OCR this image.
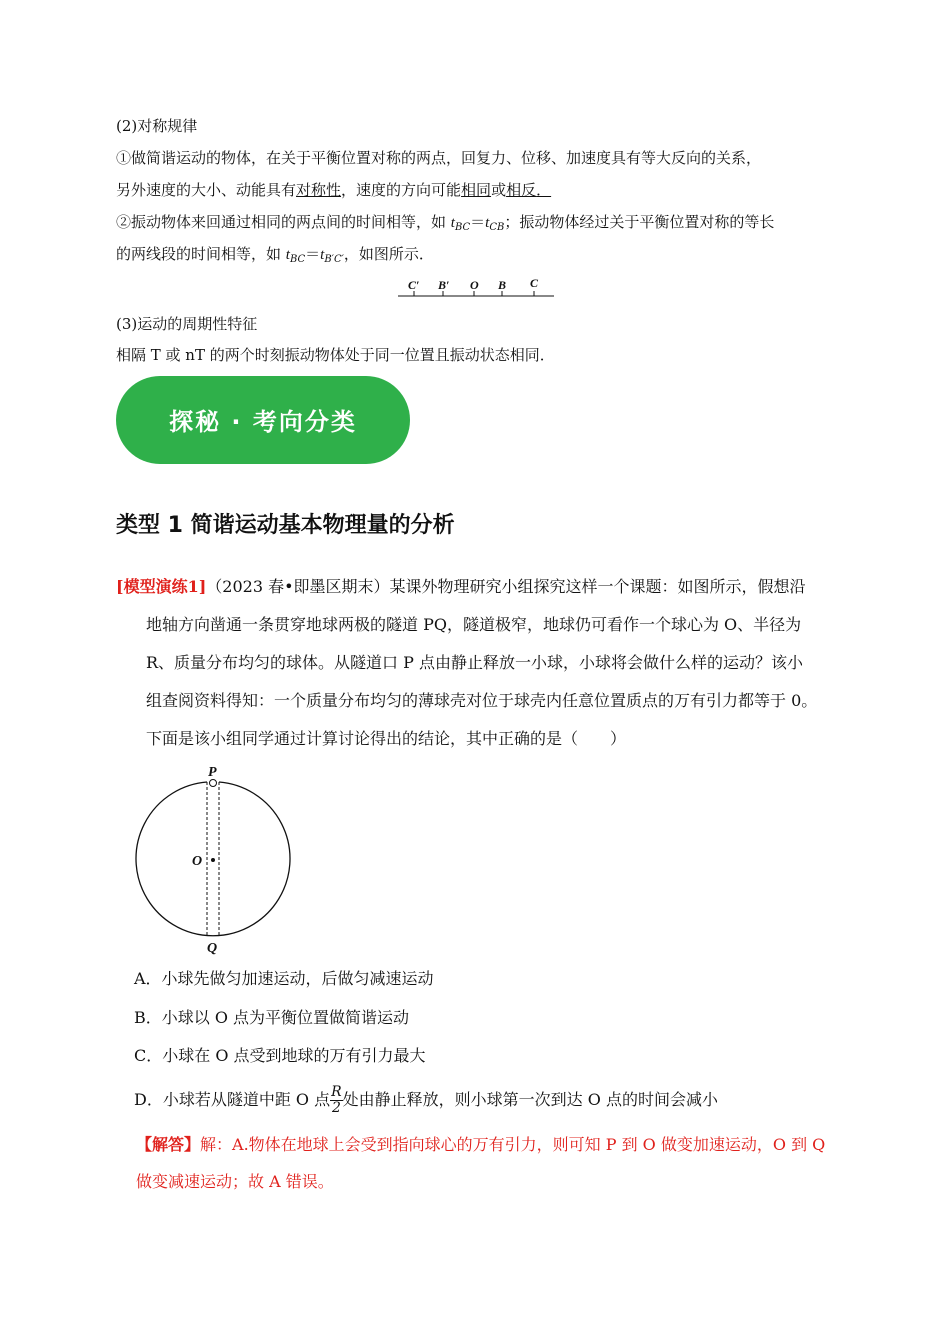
(2)对称规律
①做简谐运动的物体，在关于平衡位置对称的两点，回复力、位移、加速度具有等大反向的关系，
另外速度的大小、动能具有对称性，速度的方向可能相同或相反．
②振动物体来回通过相同的两点间的时间相等，如 $t_{BC}=t_{CB}$；振动物体经过关于平衡位置对称的等长
的两线段的时间相等，如 $t_{BC}=t_{B'C'}$，如图所示．
C′ B′ O B C
(3)运动的周期性特征
相隔 T 或 nT 的两个时刻振动物体处于同一位置且振动状态相同．
探秘 · 考向分类
类型 1 简谐运动基本物理量的分析
[模型演练1]（2023 春•即墨区期末）某课外物理研究小组探究这样一个课题：如图所示，假想沿
地轴方向凿通一条贯穿地球两极的隧道 PQ，隧道极窄，地球仍可看作一个球心为 O、半径为
R、质量分布均匀的球体。从隧道口 P 点由静止释放一小球，小球将会做什么样的运动？该小
组查阅资料得知：一个质量分布均匀的薄球壳对位于球壳内任意位置质点的万有引力都等于 0。
下面是该小组同学通过计算讨论得出的结论，其中正确的是（　　）
P
O
Q
A．小球先做匀加速运动，后做匀减速运动
B．小球以 O 点为平衡位置做简谐运动
C．小球在 O 点受到地球的万有引力最大
D．小球若从隧道中距 O 点 $\frac{R}{2}$处由静止释放，则小球第一次到达 O 点的时间会减小
【解答】解：A.物体在地球上会受到指向球心的万有引力，则可知 P 到 O 做变加速运动，O 到 Q
做变减速运动；故 A 错误。
